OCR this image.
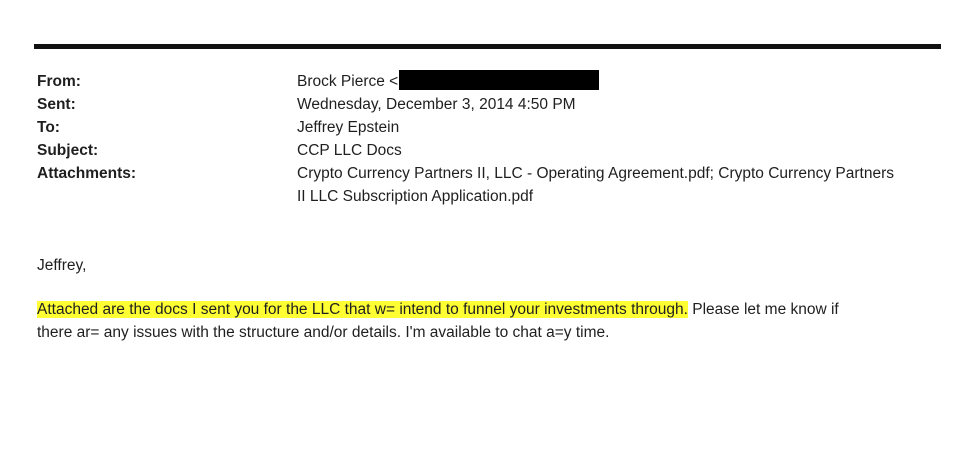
From:	Brock Pierce <
Sent:	Wednesday, December 3, 2014 4:50 PM
To:	Jeffrey Epstein
Subject:	CCP LLC Docs
Attachments:	Crypto Currency Partners II, LLC - Operating Agreement.pdf; Crypto Currency Partners
II LLC Subscription Application.pdf

Jeffrey,

Attached are the docs I sent you for the LLC that w= intend to funnel your investments through. Please let me know if
there ar= any issues with the structure and/or details. I'm available to chat a=y time.
